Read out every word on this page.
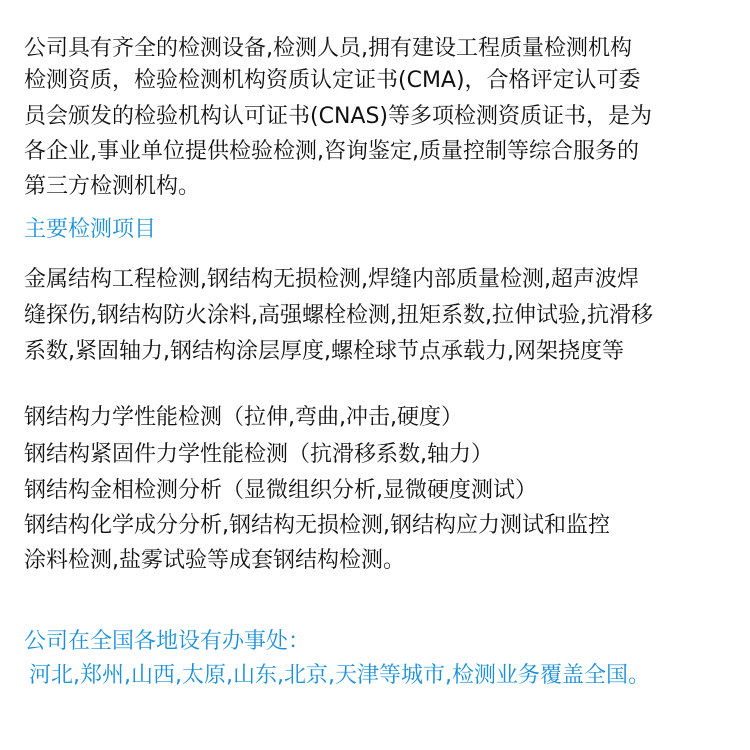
公司具有齐全的检测设备,检测人员,拥有建设工程质量检测机构
检测资质，检验检测机构资质认定证书(CMA)，合格评定认可委
员会颁发的检验机构认可证书(CNAS)等多项检测资质证书，是为
各企业,事业单位提供检验检测,咨询鉴定,质量控制等综合服务的
第三方检测机构。
主要检测项目
金属结构工程检测,钢结构无损检测,焊缝内部质量检测,超声波焊
缝探伤,钢结构防火涂料,高强螺栓检测,扭矩系数,拉伸试验,抗滑移
系数,紧固轴力,钢结构涂层厚度,螺栓球节点承载力,网架挠度等
钢结构力学性能检测（拉伸,弯曲,冲击,硬度）
钢结构紧固件力学性能检测（抗滑移系数,轴力）
钢结构金相检测分析（显微组织分析,显微硬度测试）
钢结构化学成分分析,钢结构无损检测,钢结构应力测试和监控
涂料检测,盐雾试验等成套钢结构检测。
公司在全国各地设有办事处：
河北,郑州,山西,太原,山东,北京,天津等城市,检测业务覆盖全国。
